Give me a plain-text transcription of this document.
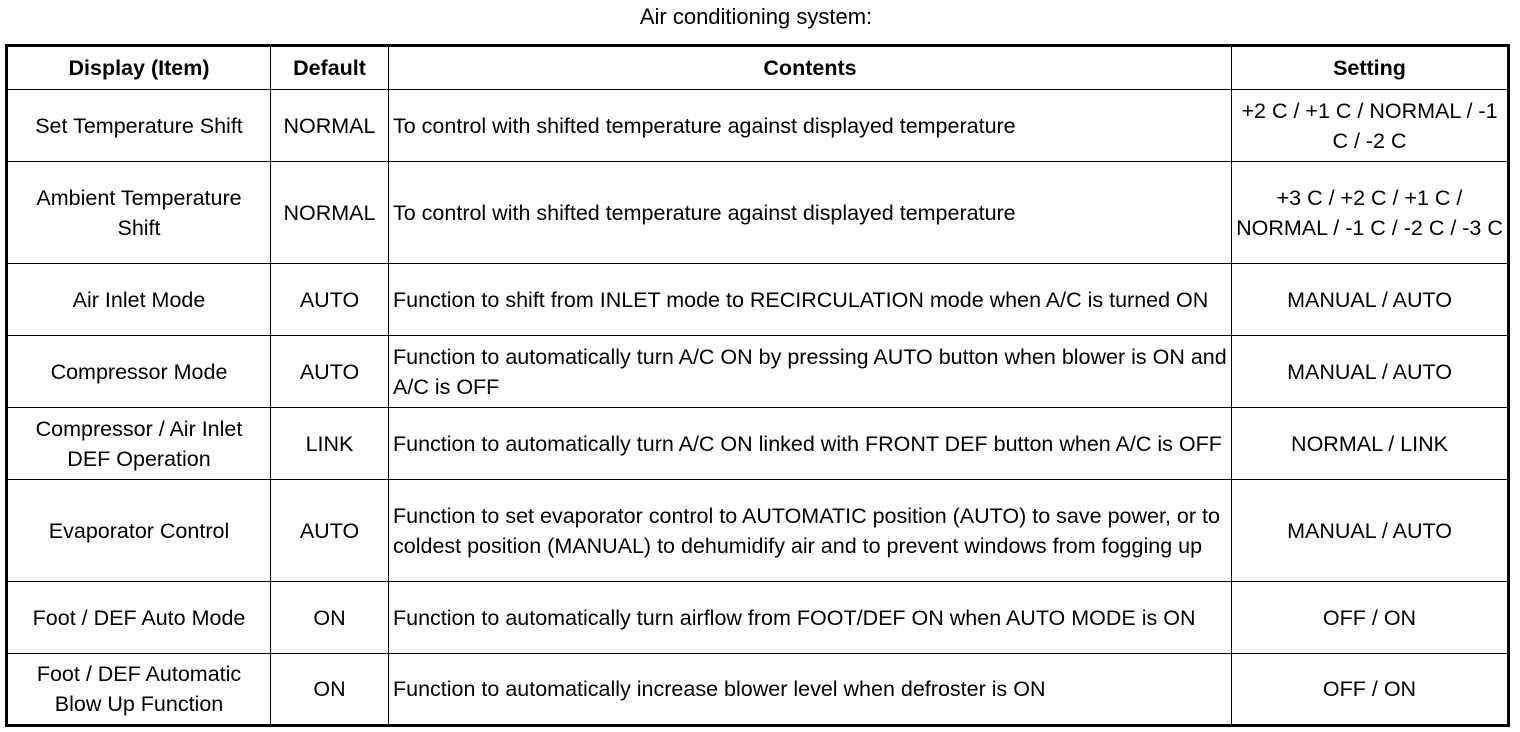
Air conditioning system:
Display (Item)	Default	Contents	Setting
Set Temperature Shift	NORMAL	To control with shifted temperature against displayed temperature	+2 C / +1 C / NORMAL / -1 C / -2 C
Ambient Temperature Shift	NORMAL	To control with shifted temperature against displayed temperature	+3 C / +2 C / +1 C / NORMAL / -1 C / -2 C / -3 C
Air Inlet Mode	AUTO	Function to shift from INLET mode to RECIRCULATION mode when A/C is turned ON	MANUAL / AUTO
Compressor Mode	AUTO	Function to automatically turn A/C ON by pressing AUTO button when blower is ON and A/C is OFF	MANUAL / AUTO
Compressor / Air Inlet DEF Operation	LINK	Function to automatically turn A/C ON linked with FRONT DEF button when A/C is OFF	NORMAL / LINK
Evaporator Control	AUTO	Function to set evaporator control to AUTOMATIC position (AUTO) to save power, or to coldest position (MANUAL) to dehumidify air and to prevent windows from fogging up	MANUAL / AUTO
Foot / DEF Auto Mode	ON	Function to automatically turn airflow from FOOT/DEF ON when AUTO MODE is ON	OFF / ON
Foot / DEF Automatic Blow Up Function	ON	Function to automatically increase blower level when defroster is ON	OFF / ON
